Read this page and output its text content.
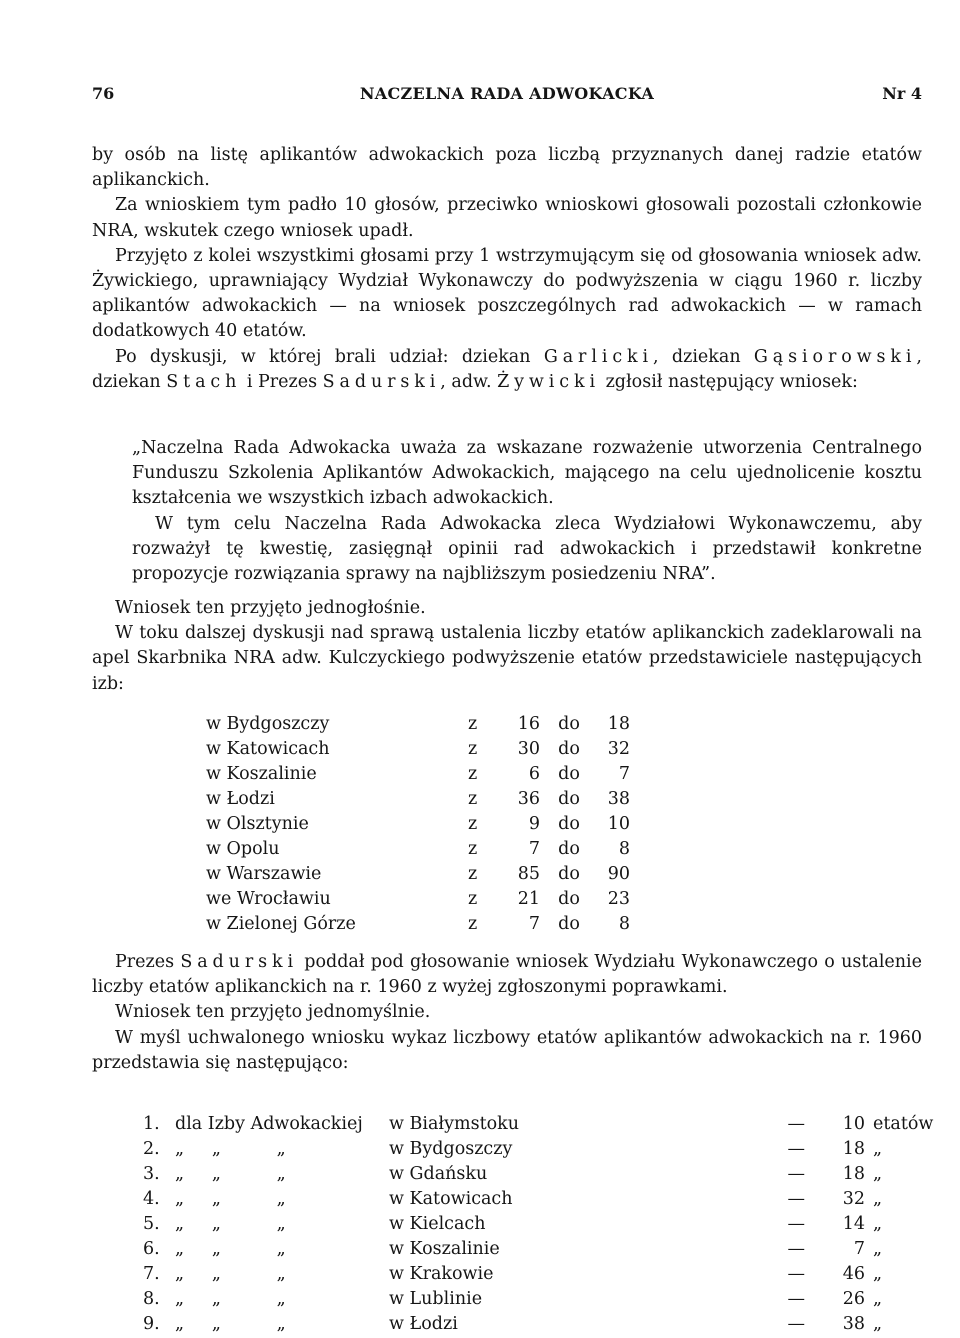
76	NACZELNA RADA ADWOKACKA	Nr 4

by osób na listę aplikantów adwokackich poza liczbą przyznanych danej radzie etatów aplikanckich.

Za wnioskiem tym padło 10 głosów, przeciwko wnioskowi głosowali pozostali członkowie NRA, wskutek czego wniosek upadł.

Przyjęto z kolei wszystkimi głosami przy 1 wstrzymującym się od głosowania wniosek adw. Żywickiego, uprawniający Wydział Wykonawczy do podwyższenia w ciągu 1960 r. liczby aplikantów adwokackich — na wniosek poszczególnych rad adwokackich — w ramach dodatkowych 40 etatów.

Po dyskusji, w której brali udział: dziekan Garlicki, dziekan Gąsiorowski, dziekan Stach i Prezes Sadurski, adw. Żywicki zgłosił następujący wniosek:

„Naczelna Rada Adwokacka uważa za wskazane rozważenie utworzenia Centralnego Funduszu Szkolenia Aplikantów Adwokackich, mającego na celu ujednolicenie kosztu kształcenia we wszystkich izbach adwokackich.

W tym celu Naczelna Rada Adwokacka zleca Wydziałowi Wykonawczemu, aby rozważył tę kwestię, zasięgnął opinii rad adwokackich i przedstawił konkretne propozycje rozwiązania sprawy na najbliższym posiedzeniu NRA”.

Wniosek ten przyjęto jednogłośnie.

W toku dalszej dyskusji nad sprawą ustalenia liczby etatów aplikanckich zadeklarowali na apel Skarbnika NRA adw. Kulczyckiego podwyższenie etatów przedstawiciele następujących izb:

w Bydgoszczy	z	16	do	18
w Katowicach	z	30	do	32
w Koszalinie	z	6	do	7
w Łodzi	z	36	do	38
w Olsztynie	z	9	do	10
w Opolu	z	7	do	8
w Warszawie	z	85	do	90
we Wrocławiu	z	21	do	23
w Zielonej Górze	z	7	do	8

Prezes Sadurski poddał pod głosowanie wniosek Wydziału Wykonawczego o ustalenie liczby etatów aplikanckich na r. 1960 z wyżej zgłoszonymi poprawkami.

Wniosek ten przyjęto jednomyślnie.

W myśl uchwalonego wniosku wykaz liczbowy etatów aplikantów adwokackich na r. 1960 przedstawia się następująco:

1.	dla Izby Adwokackiej	w Białymstoku	—	10	etatów
2.	„     „          „	w Bydgoszczy	—	18	„
3.	„     „          „	w Gdańsku	—	18	„
4.	„     „          „	w Katowicach	—	32	„
5.	„     „          „	w Kielcach	—	14	„
6.	„     „          „	w Koszalinie	—	7	„
7.	„     „          „	w Krakowie	—	46	„
8.	„     „          „	w Lublinie	—	26	„
9.	„     „          „	w Łodzi	—	38	„
